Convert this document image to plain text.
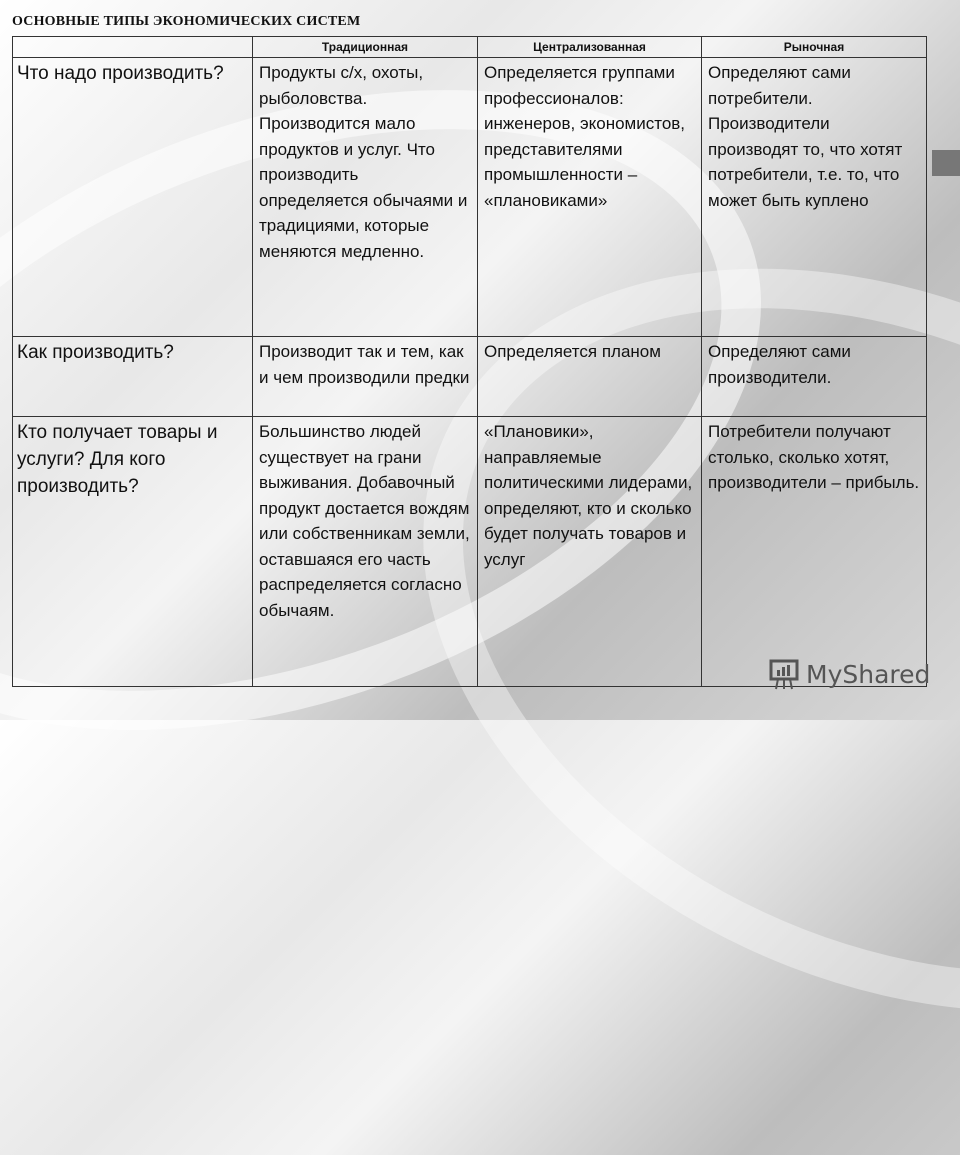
ОСНОВНЫЕ ТИПЫ ЭКОНОМИЧЕСКИХ СИСТЕМ
	Традиционная	Централизованная	Рыночная
Что надо производить?	Продукты с/х, охоты, рыболовства. Производится мало продуктов и услуг. Что производить определяется обычаями и традициями, которые меняются медленно.	Определяется группами профессионалов: инженеров, экономистов, представителями промышленности – «плановиками»	Определяют сами потребители. Производители производят то, что хотят потребители, т.е. то, что может быть куплено
Как производить?	Производит так и тем, как и чем производили предки	Определяется планом	Определяют сами производители.
Кто получает товары и услуги? Для кого производить?	Большинство людей существует на грани выживания. Добавочный продукт достается вождям или собственникам земли, оставшаяся его часть распределяется согласно обычаям.	«Плановики», направляемые политическими лидерами, определяют, кто и сколько будет получать товаров и услуг	Потребители получают столько, сколько хотят, производители – прибыль.
MyShared
